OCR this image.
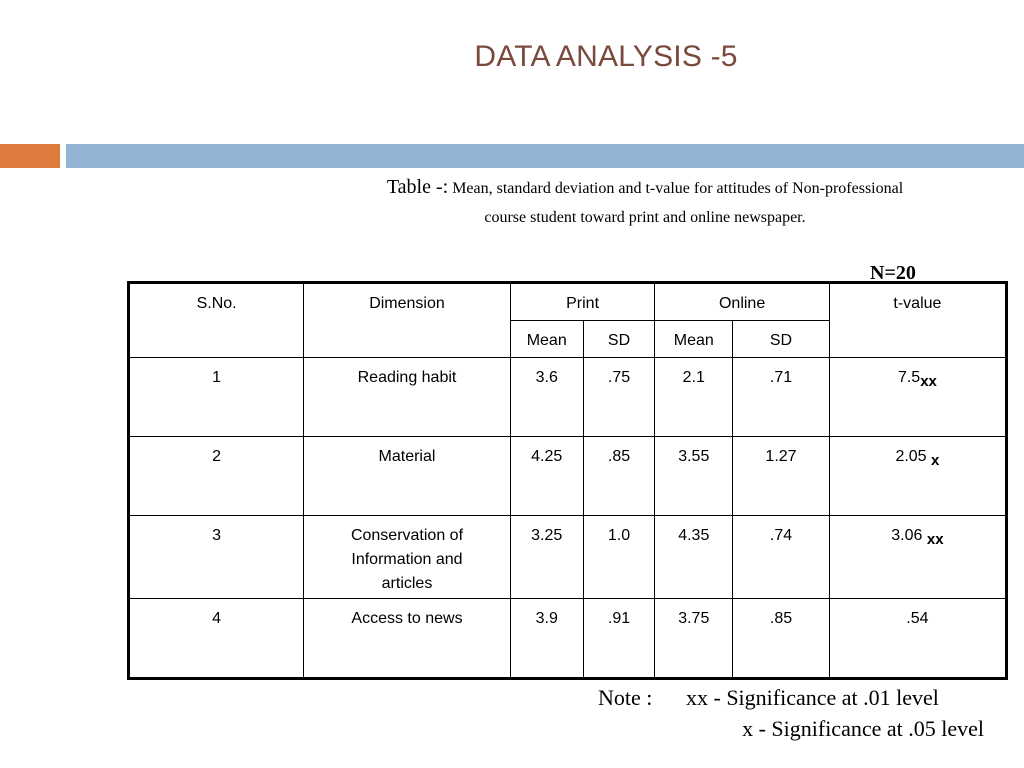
DATA ANALYSIS -5
Table -: Mean, standard deviation and t-value for attitudes of Non-professional
course student toward print and online newspaper.
N=20
S.No.	Dimension	Print		Online		t-value
		Mean	SD	Mean	SD	
1	Reading habit	3.6	.75	2.1	.71	7.5xx
2	Material	4.25	.85	3.55	1.27	2.05 x
3	Conservation of Information and articles	3.25	1.0	4.35	.74	3.06 xx
4	Access to news	3.9	.91	3.75	.85	.54
Note :	xx - Significance at .01 level
x - Significance at .05 level
